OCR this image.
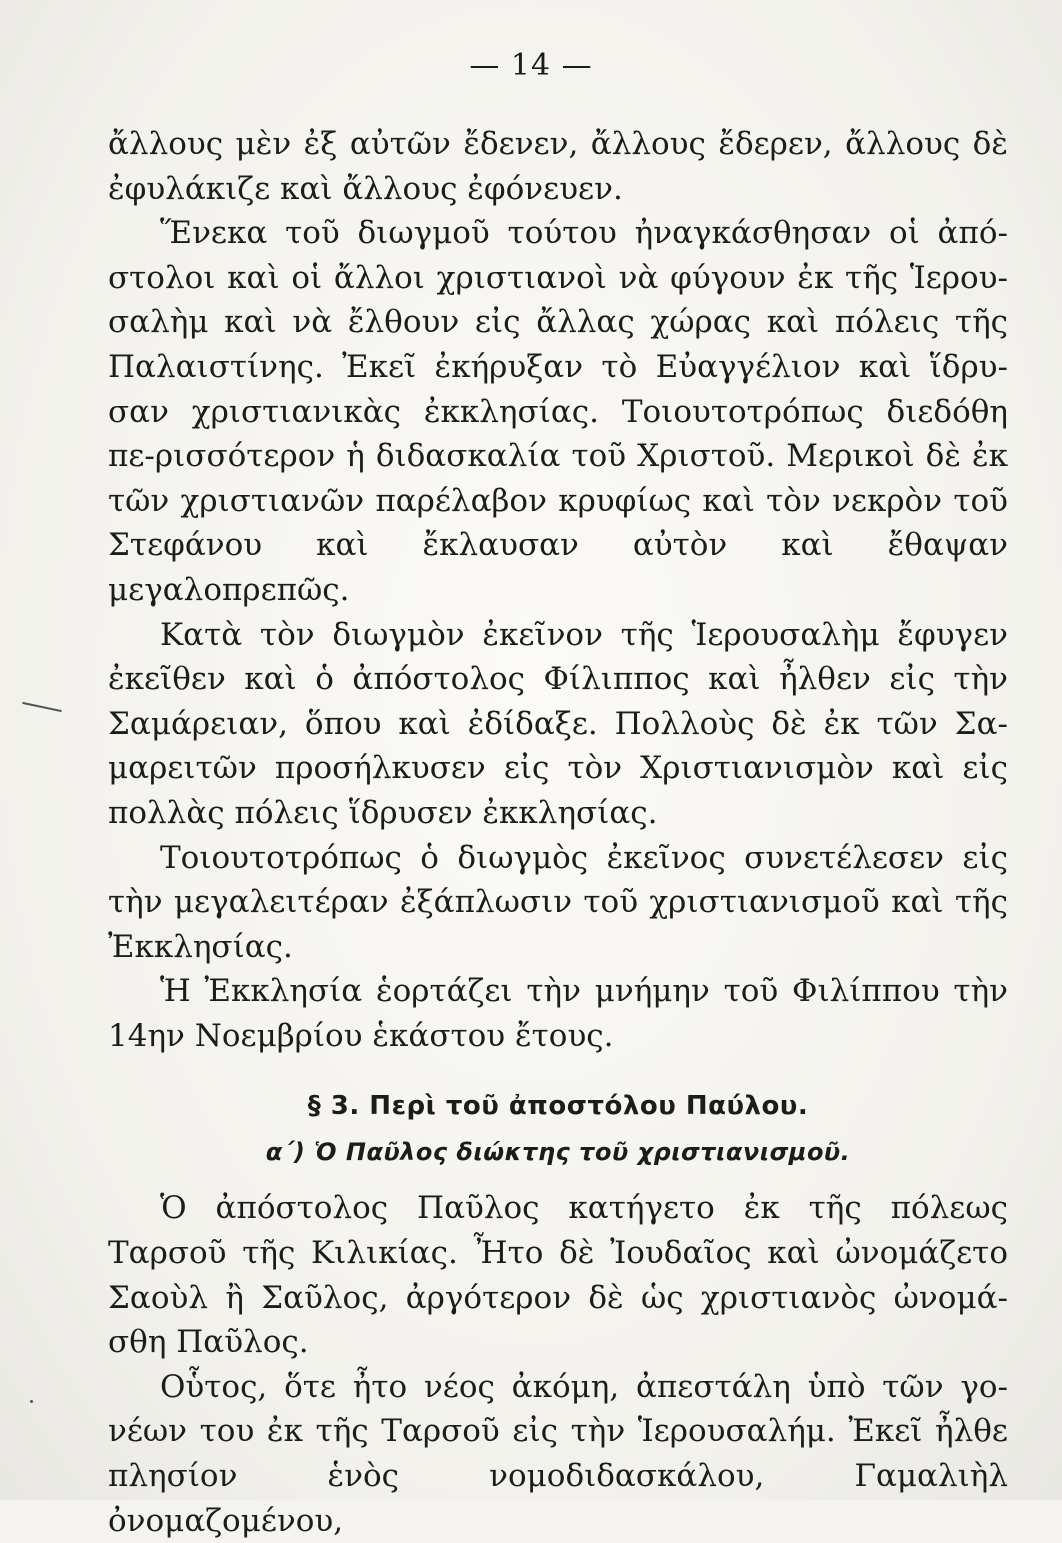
— 14 —

ἄλλους μὲν ἐξ αὐτῶν ἔδενεν, ἄλλους ἔδερεν, ἄλλους δὲ ἐφυλάκιζε καὶ ἄλλους ἐφόνευεν.

Ἕνεκα τοῦ διωγμοῦ τούτου ἠναγκάσθησαν οἱ ἀπό-στολοι καὶ οἱ ἄλλοι χριστιανοὶ νὰ φύγουν ἐκ τῆς Ἱερου-σαλὴμ καὶ νὰ ἔλθουν εἰς ἄλλας χώρας καὶ πόλεις τῆς Παλαιστίνης. Ἐκεῖ ἐκήρυξαν τὸ Εὐαγγέλιον καὶ ἵδρυ-σαν χριστιανικὰς ἐκκλησίας. Τοιουτοτρόπως διεδόθη πε-ρισσότερον ἡ διδασκαλία τοῦ Χριστοῦ. Μερικοὶ δὲ ἐκ τῶν χριστιανῶν παρέλαβον κρυφίως καὶ τὸν νεκρὸν τοῦ Στεφάνου καὶ ἔκλαυσαν αὐτὸν καὶ ἔθαψαν μεγαλοπρεπῶς.

Κατὰ τὸν διωγμὸν ἐκεῖνον τῆς Ἱερουσαλὴμ ἔφυγεν ἐκεῖθεν καὶ ὁ ἀπόστολος Φίλιππος καὶ ἦλθεν εἰς τὴν Σαμάρειαν, ὅπου καὶ ἐδίδαξε. Πολλοὺς δὲ ἐκ τῶν Σα-μαρειτῶν προσήλκυσεν εἰς τὸν Χριστιανισμὸν καὶ εἰς πολλὰς πόλεις ἵδρυσεν ἐκκλησίας.

Τοιουτοτρόπως ὁ διωγμὸς ἐκεῖνος συνετέλεσεν εἰς τὴν μεγαλειτέραν ἐξάπλωσιν τοῦ χριστιανισμοῦ καὶ τῆς Ἐκκλησίας.

Ἡ Ἐκκλησία ἑορτάζει τὴν μνήμην τοῦ Φιλίππου τὴν 14ην Νοεμβρίου ἑκάστου ἔτους.

§ 3. Περὶ τοῦ ἀποστόλου Παύλου.
α΄) Ὁ Παῦλος διώκτης τοῦ χριστιανισμοῦ.

Ὁ ἀπόστολος Παῦλος κατήγετο ἐκ τῆς πόλεως Ταρσοῦ τῆς Κιλικίας. Ἦτο δὲ Ἰουδαῖος καὶ ὠνομάζετο Σαοὺλ ἢ Σαῦλος, ἀργότερον δὲ ὡς χριστιανὸς ὠνομά-σθη Παῦλος.

Οὗτος, ὅτε ἦτο νέος ἀκόμη, ἀπεστάλη ὑπὸ τῶν γο-νέων του ἐκ τῆς Ταρσοῦ εἰς τὴν Ἱερουσαλήμ. Ἐκεῖ ἦλθε πλησίον ἑνὸς νομοδιδασκάλου, Γαμαλιὴλ ὀνομαζομένου,
